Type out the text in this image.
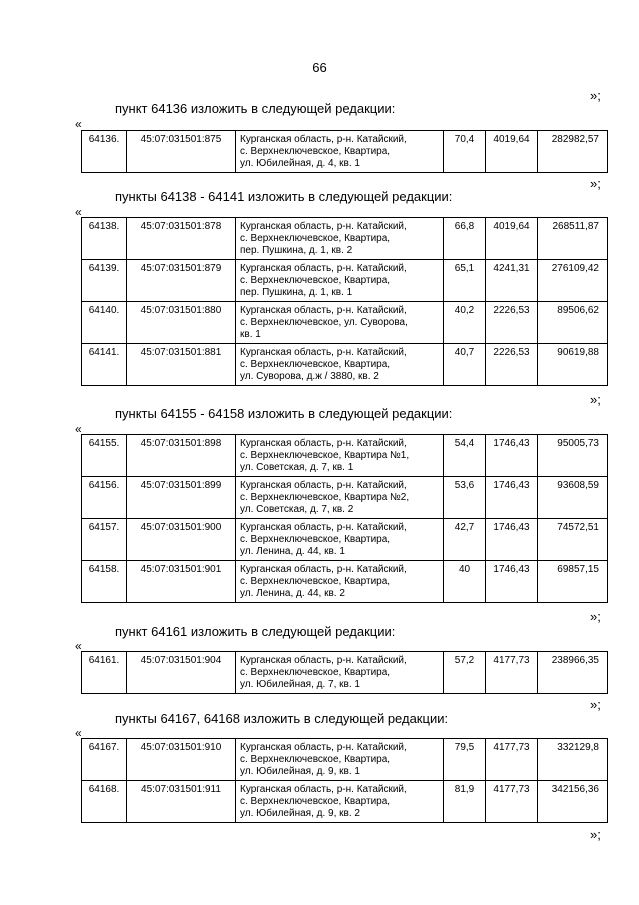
66
»;
пункт 64136 изложить в следующей редакции:
«
64136.	45:07:031501:875	Курганская область, р-н. Катайский,
с. Верхнеключевское, Квартира,
ул. Юбилейная, д. 4, кв. 1
	70,4	4019,64	282982,57
»;
пункты 64138 - 64141 изложить в следующей редакции:
«
64138.	45:07:031501:878	Курганская область, р-н. Катайский,
с. Верхнеключевское, Квартира,
пер. Пушкина, д. 1, кв. 2	66,8	4019,64	268511,87
64139.	45:07:031501:879	Курганская область, р-н. Катайский,
с. Верхнеключевское, Квартира,
пер. Пушкина, д. 1, кв. 1	65,1	4241,31	276109,42
64140.	45:07:031501:880	Курганская область, р-н. Катайский,
с. Верхнеключевское, ул. Суворова,
кв. 1	40,2	2226,53	89506,62
64141.	45:07:031501:881	Курганская область, р-н. Катайский,
с. Верхнеключевское, Квартира,
ул. Суворова, д.ж / 3880, кв. 2	40,7	2226,53	90619,88
»;
пункты 64155 - 64158 изложить в следующей редакции:
«
64155.	45:07:031501:898	Курганская область, р-н. Катайский,
с. Верхнеключевское, Квартира №1,
ул. Советская, д. 7, кв. 1	54,4	1746,43	95005,73
64156.	45:07:031501:899	Курганская область, р-н. Катайский,
с. Верхнеключевское, Квартира №2,
ул. Советская, д. 7, кв. 2	53,6	1746,43	93608,59
64157.	45:07:031501:900	Курганская область, р-н. Катайский,
с. Верхнеключевское, Квартира,
ул. Ленина, д. 44, кв. 1	42,7	1746,43	74572,51
64158.	45:07:031501:901	Курганская область, р-н. Катайский,
с. Верхнеключевское, Квартира,
ул. Ленина, д. 44, кв. 2	40	1746,43	69857,15
»;
пункт 64161 изложить в следующей редакции:
«
64161.	45:07:031501:904	Курганская область, р-н. Катайский,
с. Верхнеключевское, Квартира,
ул. Юбилейная, д. 7, кв. 1
	57,2	4177,73	238966,35
»;
пункты 64167, 64168 изложить в следующей редакции:
«
64167.	45:07:031501:910	Курганская область, р-н. Катайский,
с. Верхнеключевское, Квартира,
ул. Юбилейная, д. 9, кв. 1	79,5	4177,73	332129,8
64168.	45:07:031501:911	Курганская область, р-н. Катайский,
с. Верхнеключевское, Квартира,
ул. Юбилейная, д. 9, кв. 2	81,9	4177,73	342156,36
»;
